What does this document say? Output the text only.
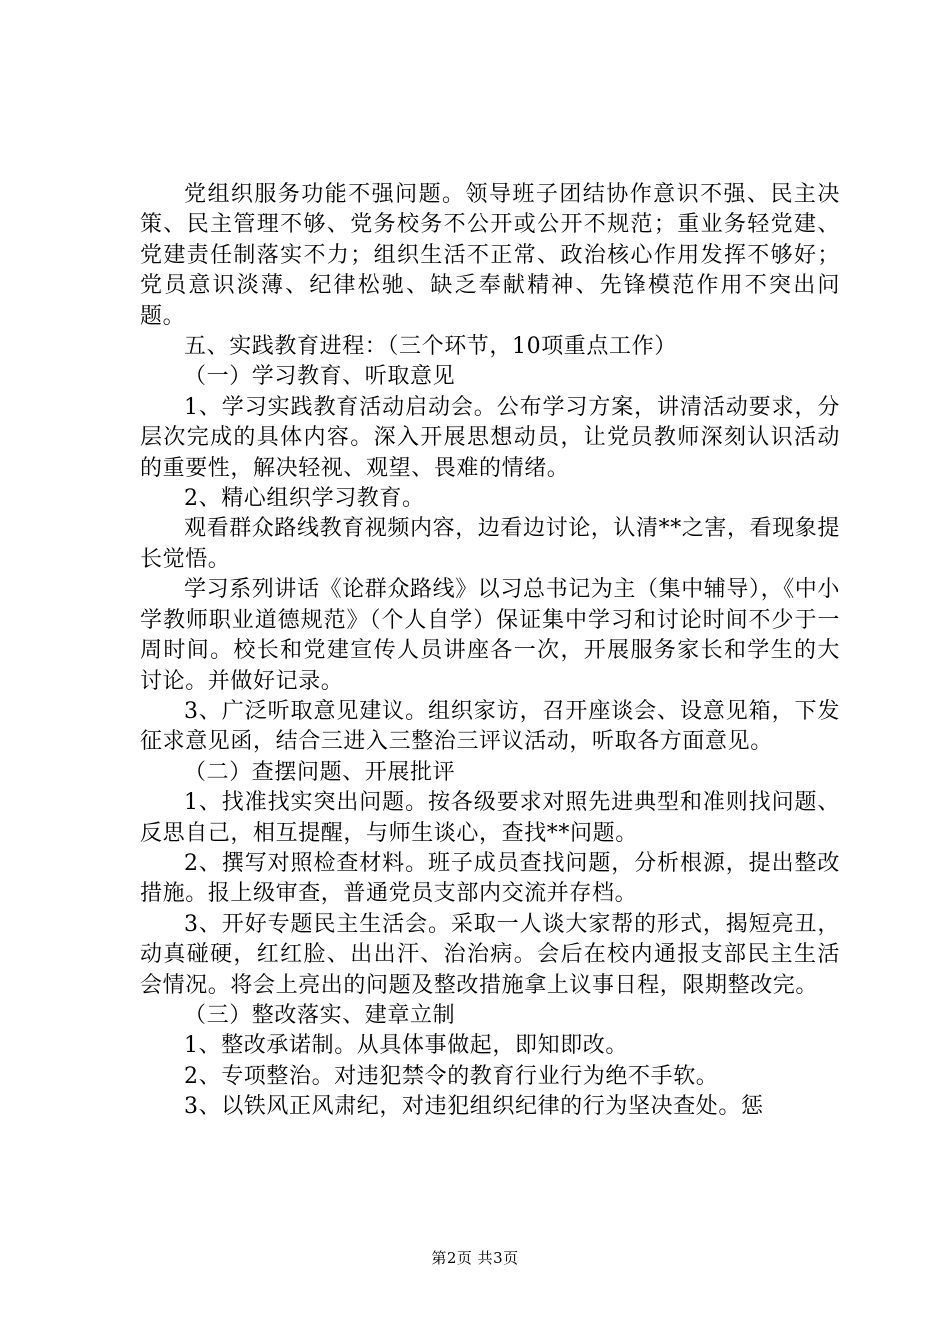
党组织服务功能不强问题。领导班子团结协作意识不强、民主决策、民主管理不够、党务校务不公开或公开不规范；重业务轻党建、党建责任制落实不力；组织生活不正常、政治核心作用发挥不够好；党员意识淡薄、纪律松驰、缺乏奉献精神、先锋模范作用不突出问题。

五、实践教育进程：（三个环节，10项重点工作）

（一）学习教育、听取意见

1、学习实践教育活动启动会。公布学习方案，讲清活动要求，分层次完成的具体内容。深入开展思想动员，让党员教师深刻认识活动的重要性，解决轻视、观望、畏难的情绪。

2、精心组织学习教育。

观看群众路线教育视频内容，边看边讨论，认清**之害，看现象提长觉悟。

学习系列讲话《论群众路线》以习总书记为主（集中辅导），《中小学教师职业道德规范》（个人自学）保证集中学习和讨论时间不少于一周时间。校长和党建宣传人员讲座各一次，开展服务家长和学生的大讨论。并做好记录。

3、广泛听取意见建议。组织家访，召开座谈会、设意见箱，下发征求意见函，结合三进入三整治三评议活动，听取各方面意见。

（二）查摆问题、开展批评

1、找准找实突出问题。按各级要求对照先进典型和准则找问题、反思自己，相互提醒，与师生谈心，查找**问题。

2、撰写对照检查材料。班子成员查找问题，分析根源，提出整改措施。报上级审查，普通党员支部内交流并存档。

3、开好专题民主生活会。采取一人谈大家帮的形式，揭短亮丑，动真碰硬，红红脸、出出汗、治治病。会后在校内通报支部民主生活会情况。将会上亮出的问题及整改措施拿上议事日程，限期整改完。

（三）整改落实、建章立制

1、整改承诺制。从具体事做起，即知即改。

2、专项整治。对违犯禁令的教育行业行为绝不手软。

3、以铁风正风肃纪，对违犯组织纪律的行为坚决查处。惩

第2页 共3页
